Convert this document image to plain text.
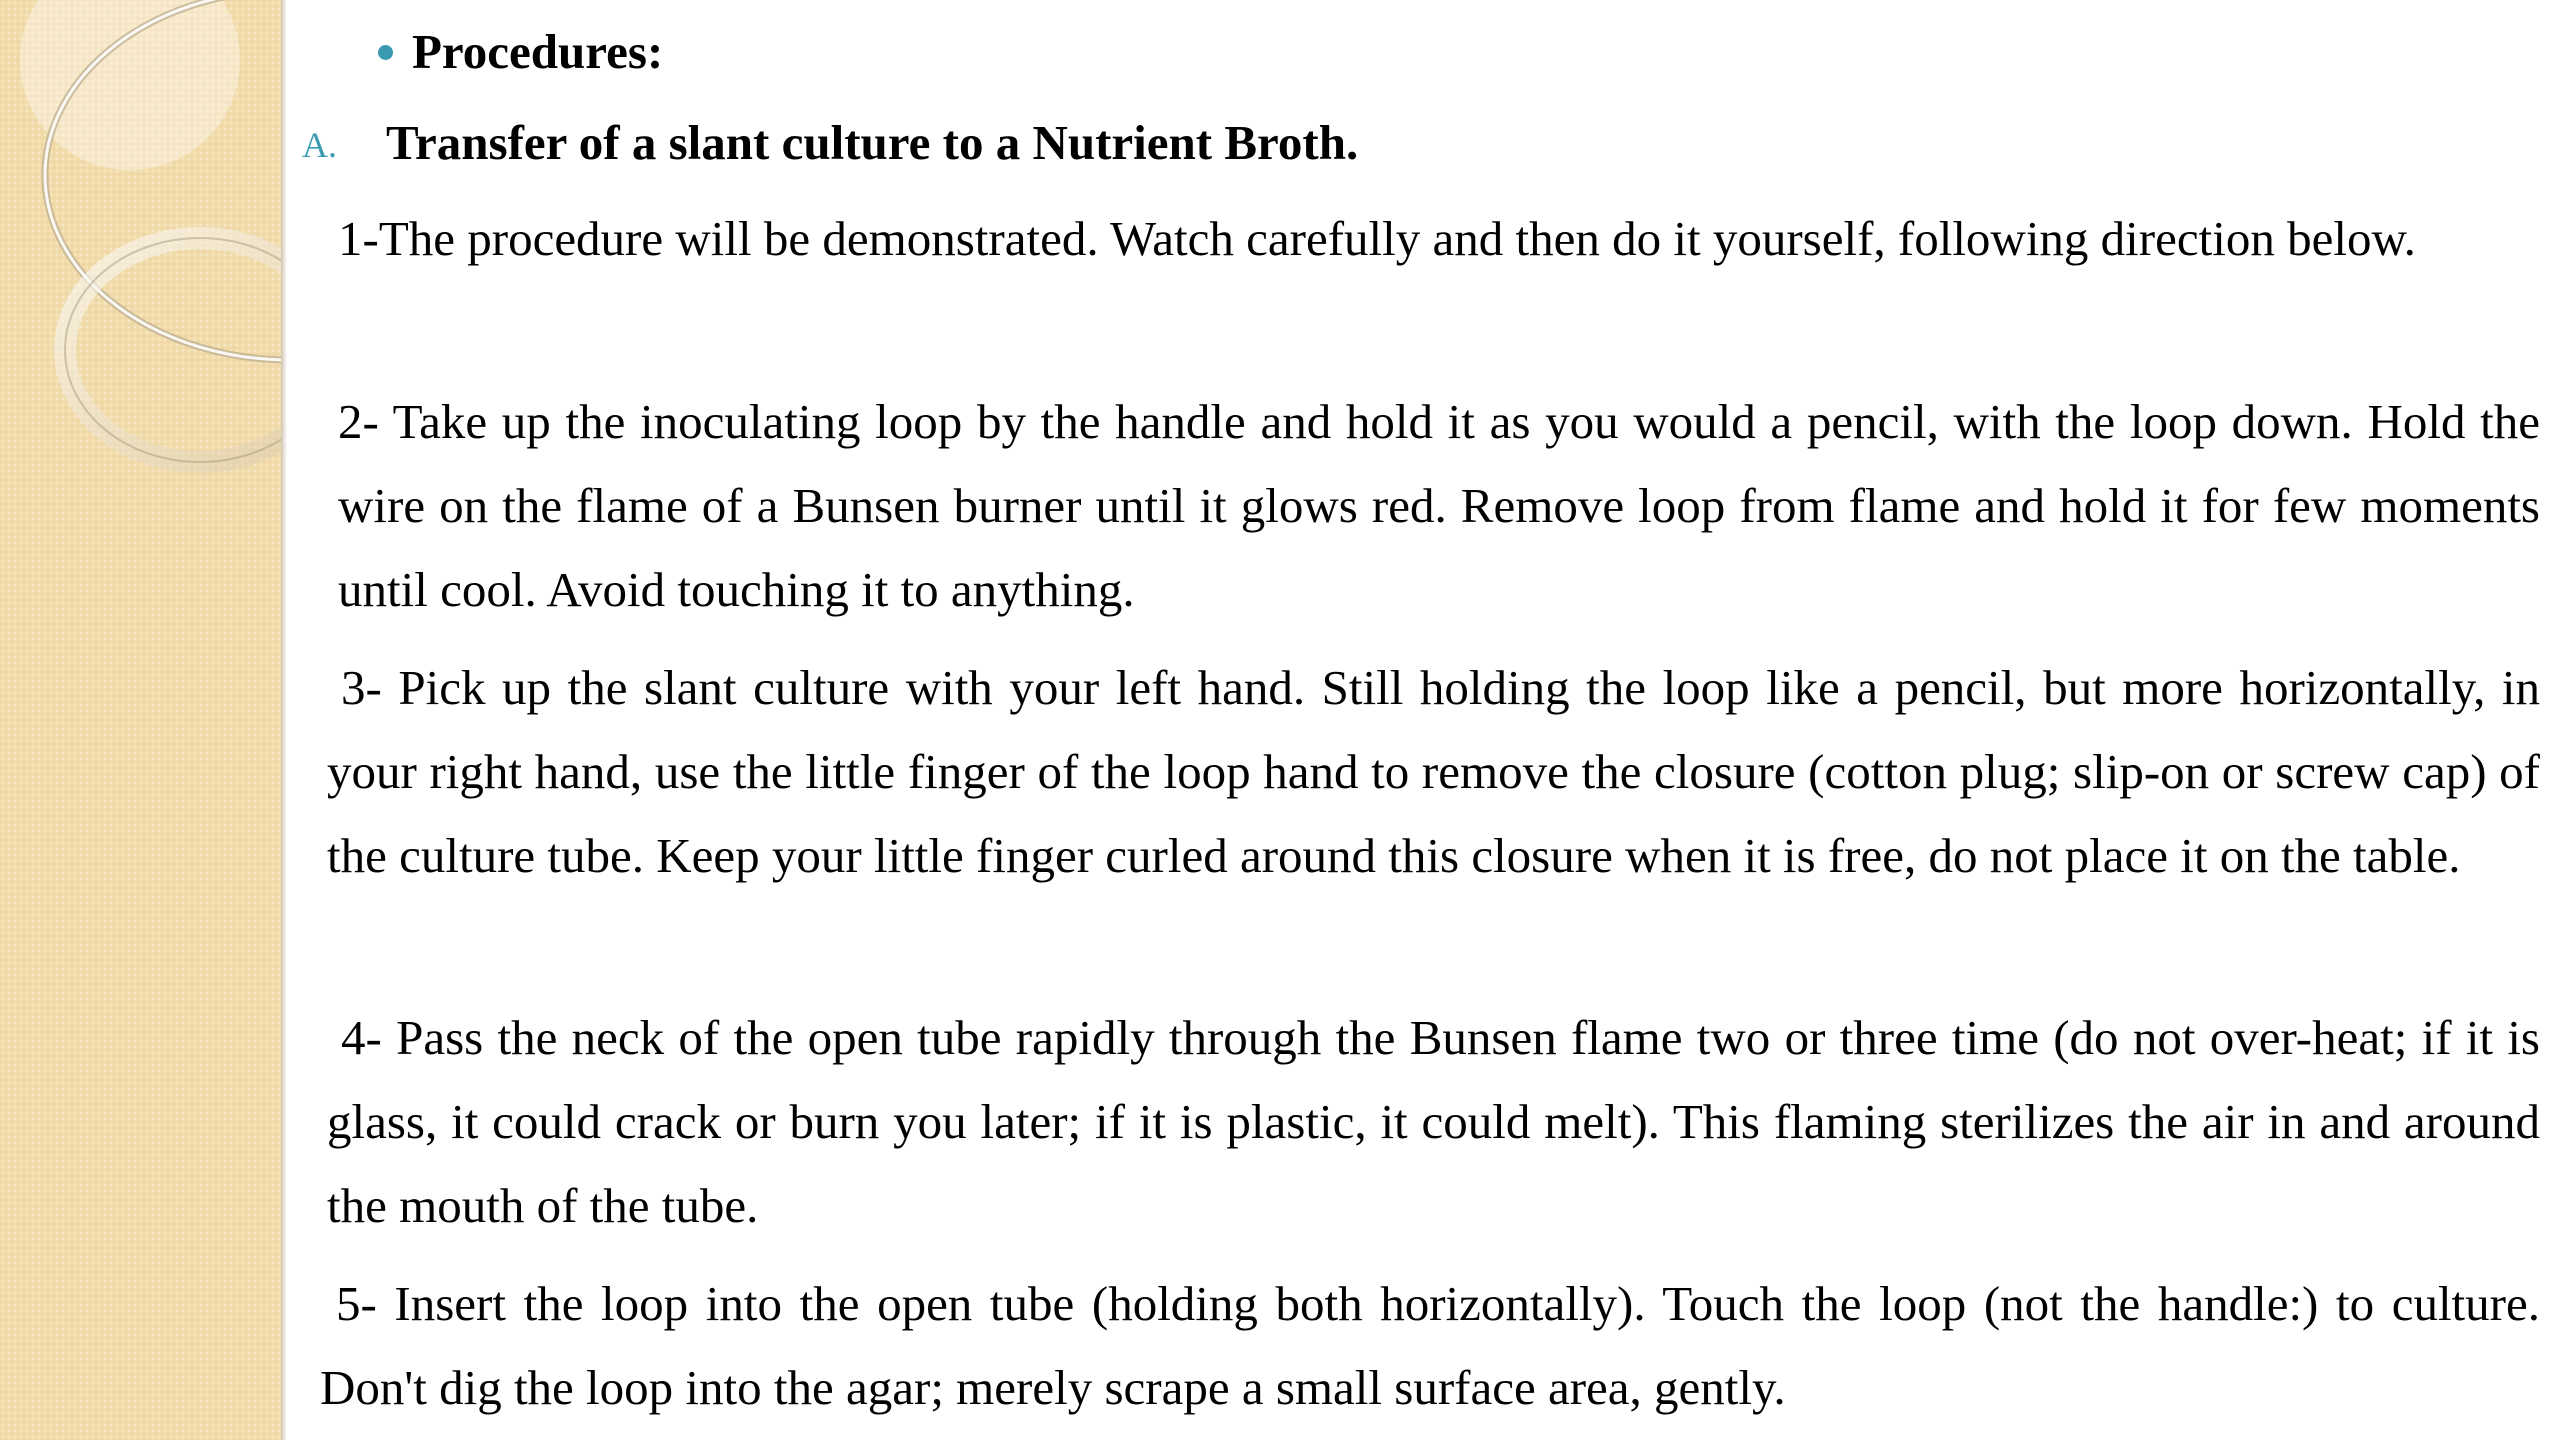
Procedures:
A. Transfer of a slant culture to a Nutrient Broth.

1-The procedure will be demonstrated. Watch carefully and then do it yourself, following direction below.

2- Take up the inoculating loop by the handle and hold it as you would a pencil, with the loop down. Hold the wire on the flame of a Bunsen burner until it glows red. Remove loop from flame and hold it for few moments until cool. Avoid touching it to anything.

3- Pick up the slant culture with your left hand. Still holding the loop like a pencil, but more horizontally, in your right hand, use the little finger of the loop hand to remove the closure (cotton plug; slip-on or screw cap) of the culture tube. Keep your little finger curled around this closure when it is free, do not place it on the table.

4- Pass the neck of the open tube rapidly through the Bunsen flame two or three time (do not over-heat; if it is glass, it could crack or burn you later; if it is plastic, it could melt). This flaming sterilizes the air in and around the mouth of the tube.

5- Insert the loop into the open tube (holding both horizontally). Touch the loop (not the handle:) to culture. Don't dig the loop into the agar; merely scrape a small surface area, gently.
